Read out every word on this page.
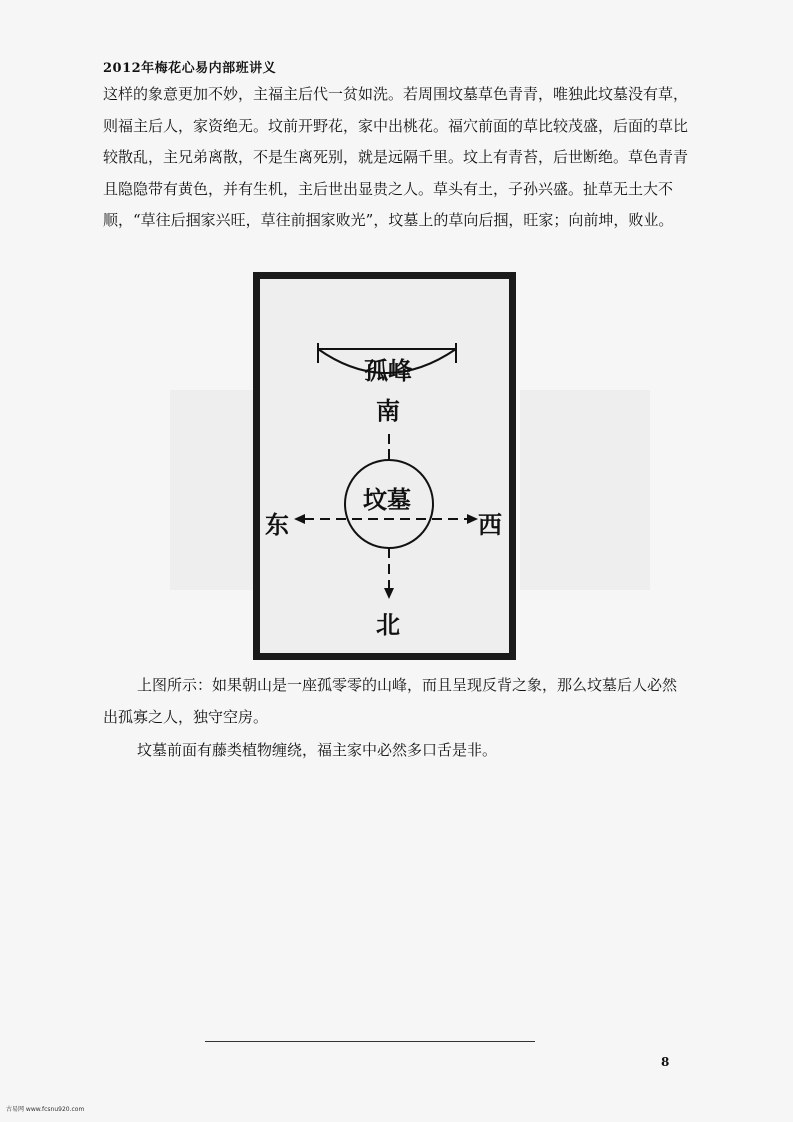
2012年梅花心易内部班讲义

这样的象意更加不妙，主福主后代一贫如洗。若周围坟墓草色青青，唯独此坟墓没有草，则福主后人，家资绝无。坟前开野花，家中出桃花。福穴前面的草比较茂盛，后面的草比较散乱，主兄弟离散，不是生离死别，就是远隔千里。坟上有青苔，后世断绝。草色青青且隐隐带有黄色，并有生机，主后世出显贵之人。草头有土，子孙兴盛。扯草无土大不顺，“草往后掴家兴旺，草往前掴家败光”，坟墓上的草向后掴，旺家；向前坤，败业。

孤峰
南
坟墓
东	西
北

上图所示：如果朝山是一座孤零零的山峰，而且呈现反背之象，那么坟墓后人必然出孤寡之人，独守空房。

坟墓前面有藤类植物缠绕，福主家中必然多口舌是非。

8
古易网 www.fcsnu920.com
